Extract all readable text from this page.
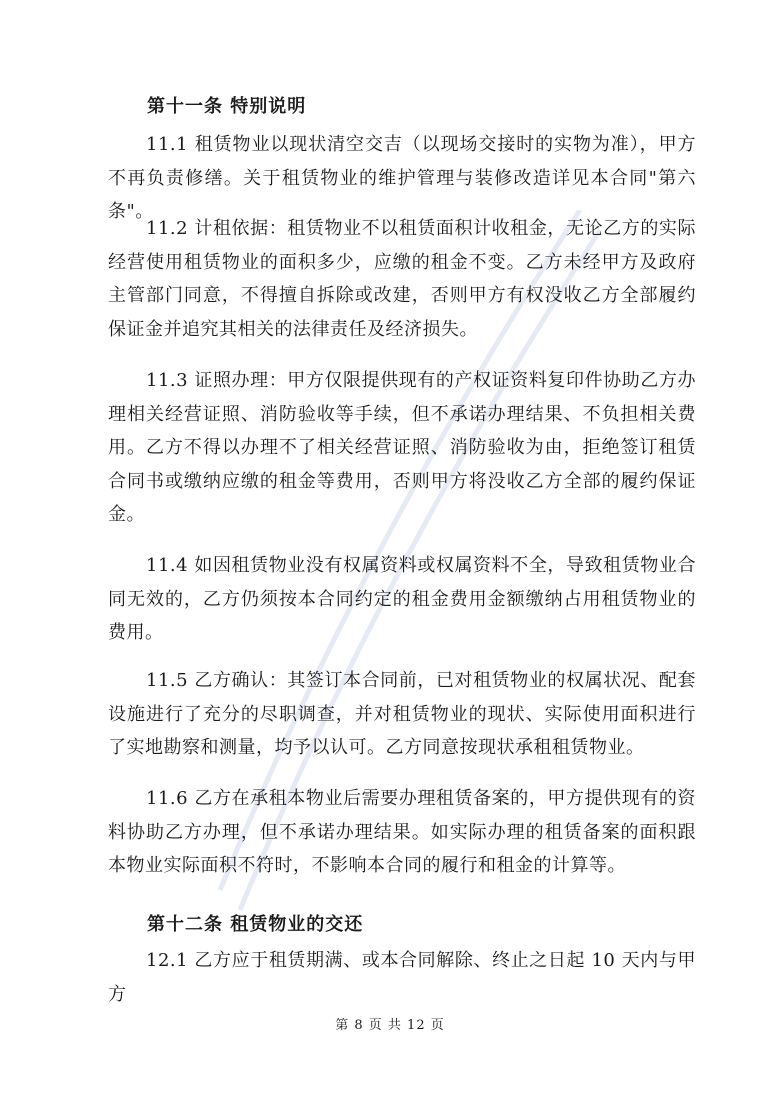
第十一条 特别说明
11.1 租赁物业以现状清空交吉（以现场交接时的实物为准），甲方不再负责修缮。关于租赁物业的维护管理与装修改造详见本合同"第六条"。
11.2 计租依据：租赁物业不以租赁面积计收租金，无论乙方的实际经营使用租赁物业的面积多少，应缴的租金不变。乙方未经甲方及政府主管部门同意，不得擅自拆除或改建，否则甲方有权没收乙方全部履约保证金并追究其相关的法律责任及经济损失。
11.3 证照办理：甲方仅限提供现有的产权证资料复印件协助乙方办理相关经营证照、消防验收等手续，但不承诺办理结果、不负担相关费用。乙方不得以办理不了相关经营证照、消防验收为由，拒绝签订租赁合同书或缴纳应缴的租金等费用，否则甲方将没收乙方全部的履约保证金。
11.4 如因租赁物业没有权属资料或权属资料不全，导致租赁物业合同无效的，乙方仍须按本合同约定的租金费用金额缴纳占用租赁物业的费用。
11.5 乙方确认：其签订本合同前，已对租赁物业的权属状况、配套设施进行了充分的尽职调查，并对租赁物业的现状、实际使用面积进行了实地勘察和测量，均予以认可。乙方同意按现状承租租赁物业。
11.6 乙方在承租本物业后需要办理租赁备案的，甲方提供现有的资料协助乙方办理，但不承诺办理结果。如实际办理的租赁备案的面积跟本物业实际面积不符时，不影响本合同的履行和租金的计算等。
第十二条 租赁物业的交还
12.1 乙方应于租赁期满、或本合同解除、终止之日起 10 天内与甲方
第 8 页 共 12 页
